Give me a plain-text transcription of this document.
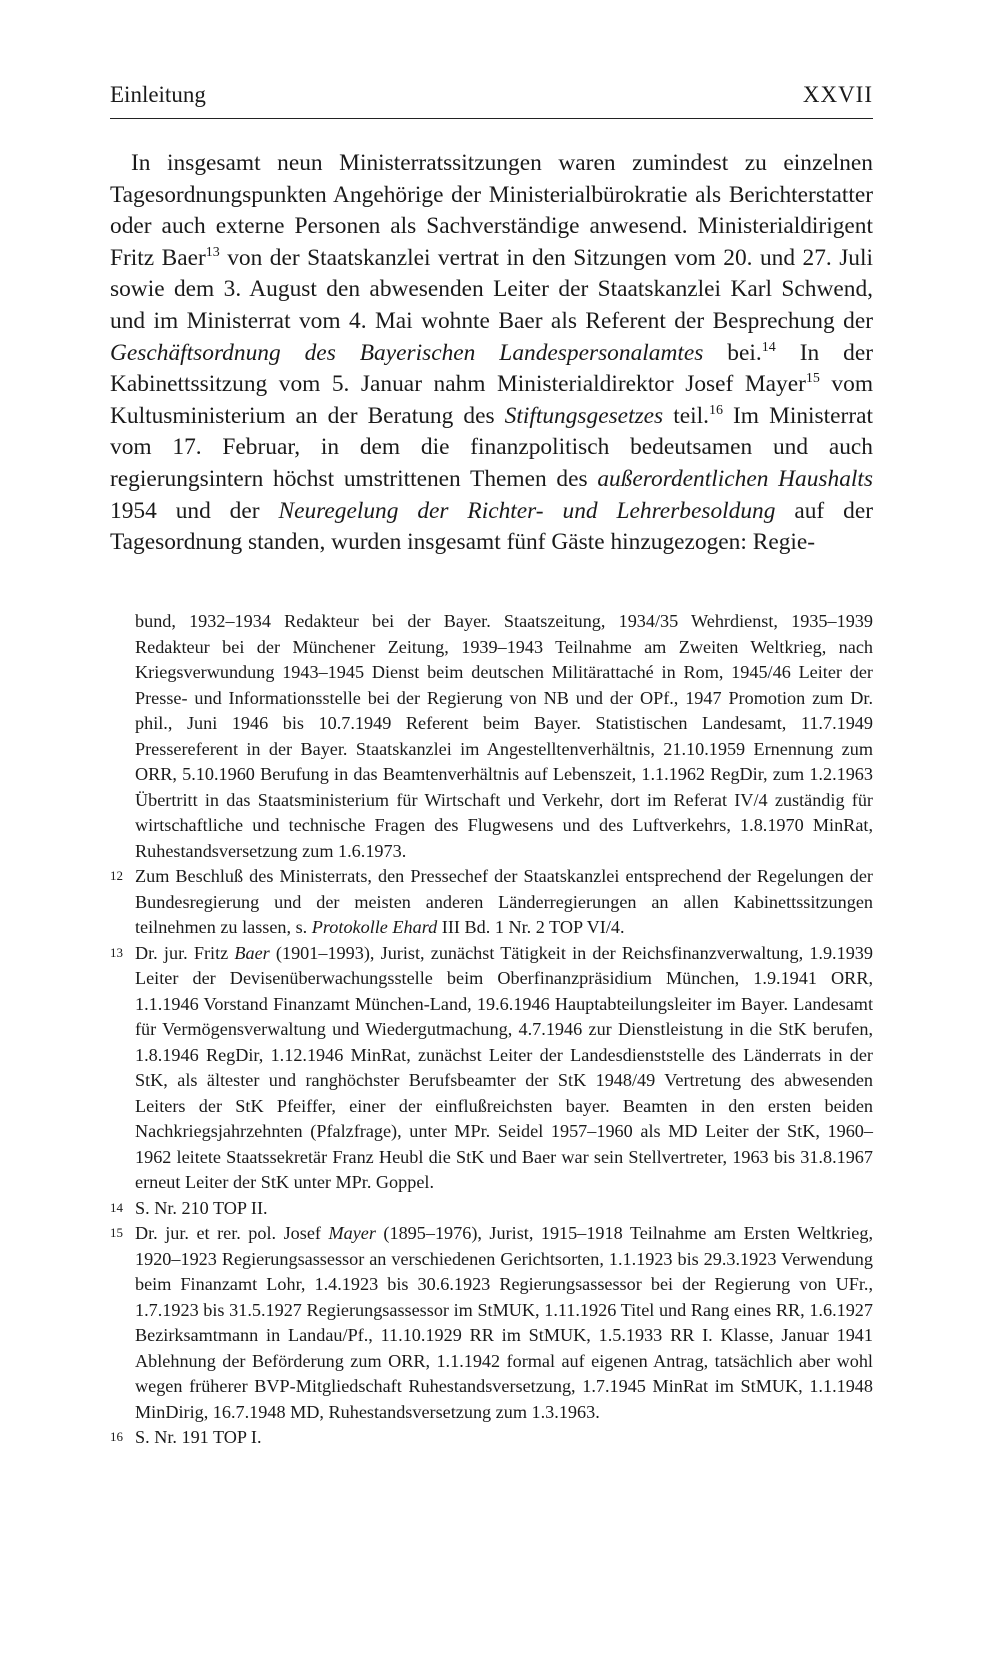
Einleitung	XXVII

In insgesamt neun Ministerratssitzungen waren zumindest zu einzelnen Tagesordnungspunkten Angehörige der Ministerialbürokratie als Berichterstatter oder auch externe Personen als Sachverständige anwesend. Ministerialdirigent Fritz Baer$^{13}$ von der Staatskanzlei vertrat in den Sitzungen vom 20. und 27. Juli sowie dem 3. August den abwesenden Leiter der Staatskanzlei Karl Schwend, und im Ministerrat vom 4. Mai wohnte Baer als Referent der Besprechung der Geschäftsordnung des Bayerischen Landespersonalamtes bei.$^{14}$ In der Kabinettssitzung vom 5. Januar nahm Ministerialdirektor Josef Mayer$^{15}$ vom Kultusministerium an der Beratung des Stiftungsgesetzes teil.$^{16}$ Im Ministerrat vom 17. Februar, in dem die finanzpolitisch bedeutsamen und auch regierungsintern höchst umstrittenen Themen des außerordentlichen Haushalts 1954 und der Neuregelung der Richter- und Lehrerbesoldung auf der Tagesordnung standen, wurden insgesamt fünf Gäste hinzugezogen: Regie-

bund, 1932–1934 Redakteur bei der Bayer. Staatszeitung, 1934/35 Wehrdienst, 1935–1939 Redakteur bei der Münchener Zeitung, 1939–1943 Teilnahme am Zweiten Weltkrieg, nach Kriegsverwundung 1943–1945 Dienst beim deutschen Militärattaché in Rom, 1945/46 Leiter der Presse- und Informationsstelle bei der Regierung von NB und der OPf., 1947 Promotion zum Dr. phil., Juni 1946 bis 10.7.1949 Referent beim Bayer. Statistischen Landesamt, 11.7.1949 Pressereferent in der Bayer. Staatskanzlei im Angestelltenverhältnis, 21.10.1959 Ernennung zum ORR, 5.10.1960 Berufung in das Beamtenverhältnis auf Lebenszeit, 1.1.1962 RegDir, zum 1.2.1963 Übertritt in das Staatsministerium für Wirtschaft und Verkehr, dort im Referat IV/4 zuständig für wirtschaftliche und technische Fragen des Flugwesens und des Luftverkehrs, 1.8.1970 MinRat, Ruhestandsversetzung zum 1.6.1973.

12 Zum Beschluß des Ministerrats, den Pressechef der Staatskanzlei entsprechend der Regelungen der Bundesregierung und der meisten anderen Länderregierungen an allen Kabinettssitzungen teilnehmen zu lassen, s. Protokolle Ehard III Bd. 1 Nr. 2 TOP VI/4.

13 Dr. jur. Fritz Baer (1901–1993), Jurist, zunächst Tätigkeit in der Reichsfinanzverwaltung, 1.9.1939 Leiter der Devisenüberwachungsstelle beim Oberfinanzpräsidium München, 1.9.1941 ORR, 1.1.1946 Vorstand Finanzamt München-Land, 19.6.1946 Hauptabteilungsleiter im Bayer. Landesamt für Vermögensverwaltung und Wiedergutmachung, 4.7.1946 zur Dienstleistung in die StK berufen, 1.8.1946 RegDir, 1.12.1946 MinRat, zunächst Leiter der Landesdienststelle des Länderrats in der StK, als ältester und ranghöchster Berufsbeamter der StK 1948/49 Vertretung des abwesenden Leiters der StK Pfeiffer, einer der einflußreichsten bayer. Beamten in den ersten beiden Nachkriegsjahrzehnten (Pfalzfrage), unter MPr. Seidel 1957–1960 als MD Leiter der StK, 1960–1962 leitete Staatssekretär Franz Heubl die StK und Baer war sein Stellvertreter, 1963 bis 31.8.1967 erneut Leiter der StK unter MPr. Goppel.

14 S. Nr. 210 TOP II.

15 Dr. jur. et rer. pol. Josef Mayer (1895–1976), Jurist, 1915–1918 Teilnahme am Ersten Weltkrieg, 1920–1923 Regierungsassessor an verschiedenen Gerichtsorten, 1.1.1923 bis 29.3.1923 Verwendung beim Finanzamt Lohr, 1.4.1923 bis 30.6.1923 Regierungsassessor bei der Regierung von UFr., 1.7.1923 bis 31.5.1927 Regierungsassessor im StMUK, 1.11.1926 Titel und Rang eines RR, 1.6.1927 Bezirksamtmann in Landau/Pf., 11.10.1929 RR im StMUK, 1.5.1933 RR I. Klasse, Januar 1941 Ablehnung der Beförderung zum ORR, 1.1.1942 formal auf eigenen Antrag, tatsächlich aber wohl wegen früherer BVP-Mitgliedschaft Ruhestandsversetzung, 1.7.1945 MinRat im StMUK, 1.1.1948 MinDirig, 16.7.1948 MD, Ruhestandsversetzung zum 1.3.1963.

16 S. Nr. 191 TOP I.
